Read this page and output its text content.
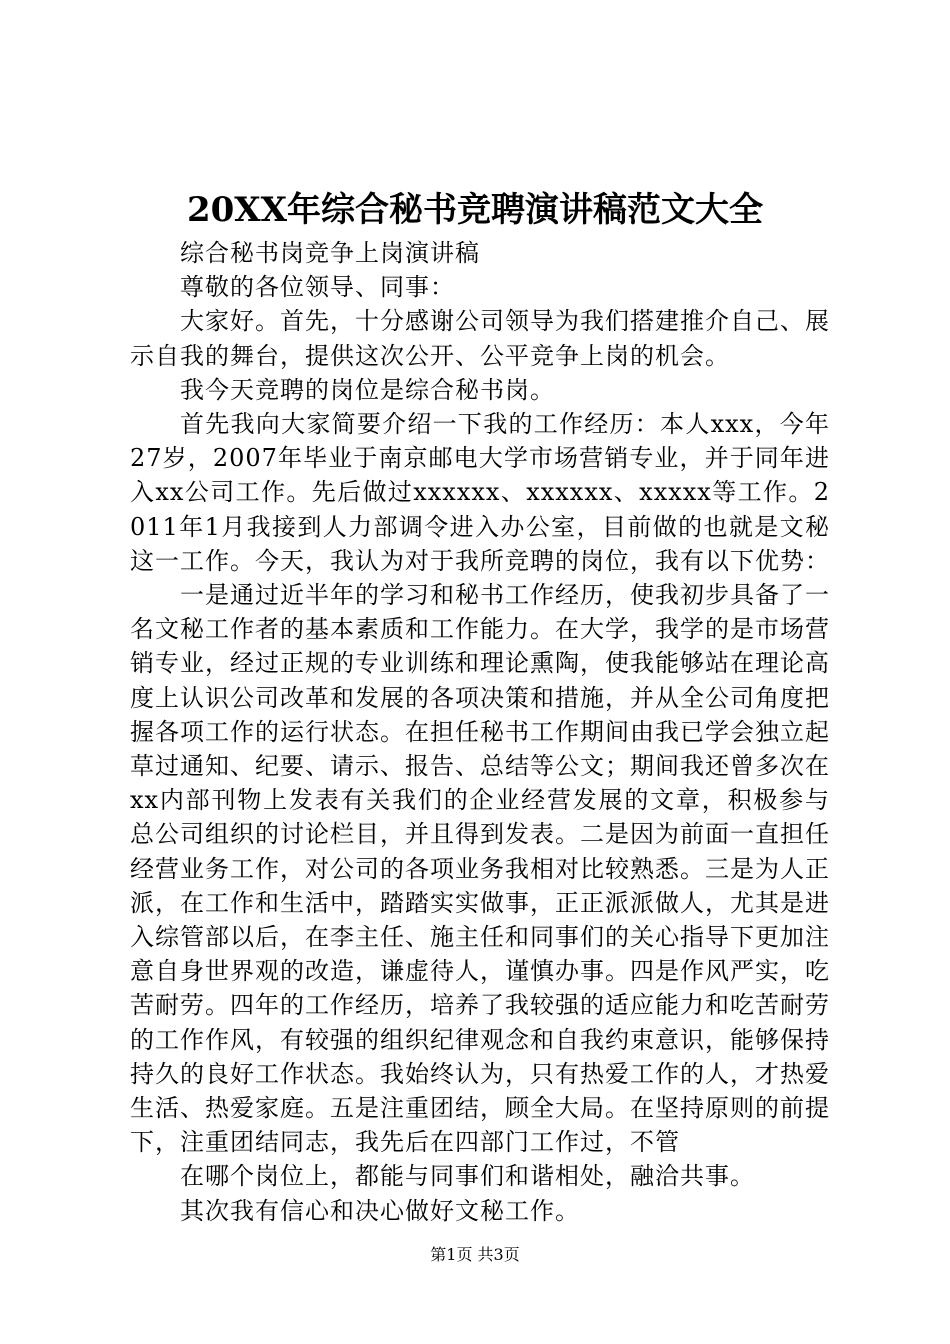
20XX年综合秘书竞聘演讲稿范文大全

综合秘书岗竞争上岗演讲稿

尊敬的各位领导、同事：

大家好。首先，十分感谢公司领导为我们搭建推介自己、展示自我的舞台，提供这次公开、公平竞争上岗的机会。

我今天竞聘的岗位是综合秘书岗。

首先我向大家简要介绍一下我的工作经历：本人xxx，今年27岁，2007年毕业于南京邮电大学市场营销专业，并于同年进入xx公司工作。先后做过xxxxxx、xxxxxx、xxxxx等工作。2011年1月我接到人力部调令进入办公室，目前做的也就是文秘这一工作。今天，我认为对于我所竞聘的岗位，我有以下优势：

一是通过近半年的学习和秘书工作经历，使我初步具备了一名文秘工作者的基本素质和工作能力。在大学，我学的是市场营销专业，经过正规的专业训练和理论熏陶，使我能够站在理论高度上认识公司改革和发展的各项决策和措施，并从全公司角度把握各项工作的运行状态。在担任秘书工作期间由我已学会独立起草过通知、纪要、请示、报告、总结等公文；期间我还曾多次在xx内部刊物上发表有关我们的企业经营发展的文章，积极参与总公司组织的讨论栏目，并且得到发表。二是因为前面一直担任经营业务工作，对公司的各项业务我相对比较熟悉。三是为人正派，在工作和生活中，踏踏实实做事，正正派派做人，尤其是进入综管部以后，在李主任、施主任和同事们的关心指导下更加注意自身世界观的改造，谦虚待人，谨慎办事。四是作风严实，吃苦耐劳。四年的工作经历，培养了我较强的适应能力和吃苦耐劳的工作作风，有较强的组织纪律观念和自我约束意识，能够保持持久的良好工作状态。我始终认为，只有热爱工作的人，才热爱生活、热爱家庭。五是注重团结，顾全大局。在坚持原则的前提下，注重团结同志，我先后在四部门工作过，不管

在哪个岗位上，都能与同事们和谐相处，融洽共事。

其次我有信心和决心做好文秘工作。

第1页 共3页
